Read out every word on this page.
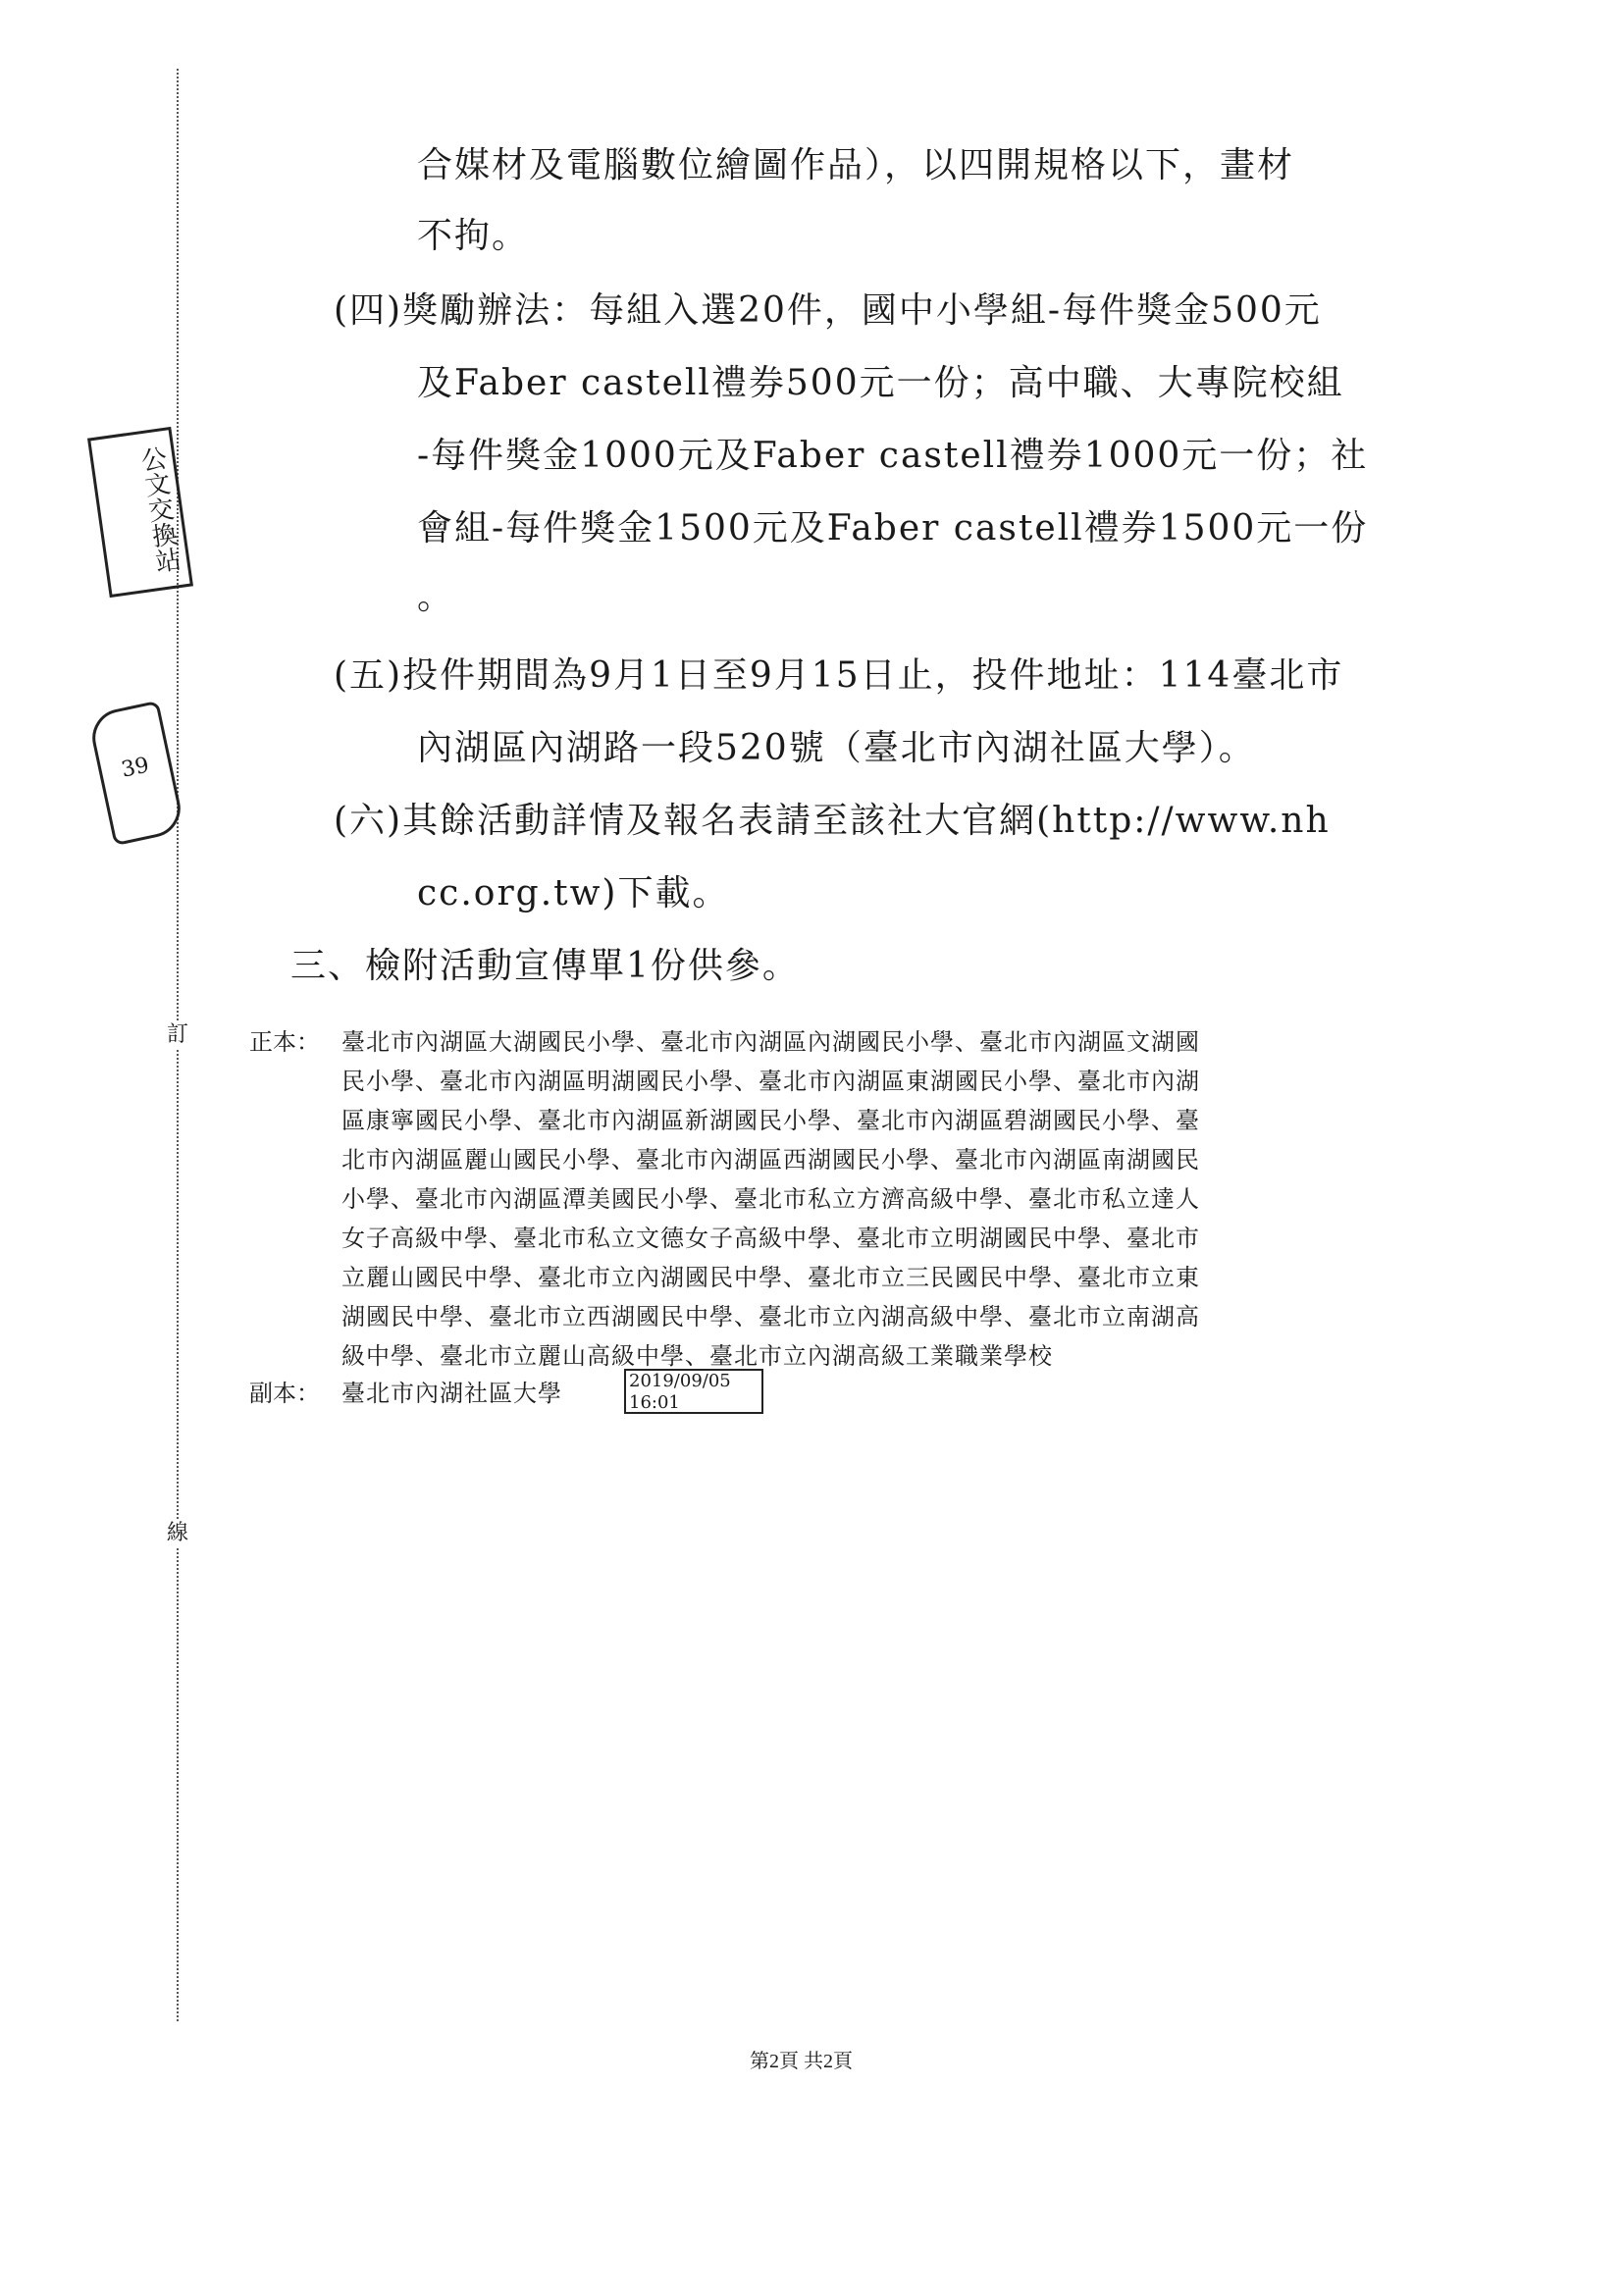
訂
線
公文交換站
39
合媒材及電腦數位繪圖作品），以四開規格以下，畫材
不拘。
(四)獎勵辦法：每組入選20件，國中小學組-每件獎金500元
及Faber castell禮券500元一份；高中職、大專院校組
-每件獎金1000元及Faber castell禮券1000元一份；社
會組-每件獎金1500元及Faber castell禮券1500元一份
。
(五)投件期間為9月1日至9月15日止，投件地址：114臺北市
內湖區內湖路一段520號（臺北市內湖社區大學）。
(六)其餘活動詳情及報名表請至該社大官網(http://www.nh
cc.org.tw)下載。
三、檢附活動宣傳單1份供參。
正本： 臺北市內湖區大湖國民小學、臺北市內湖區內湖國民小學、臺北市內湖區文湖國
民小學、臺北市內湖區明湖國民小學、臺北市內湖區東湖國民小學、臺北市內湖
區康寧國民小學、臺北市內湖區新湖國民小學、臺北市內湖區碧湖國民小學、臺
北市內湖區麗山國民小學、臺北市內湖區西湖國民小學、臺北市內湖區南湖國民
小學、臺北市內湖區潭美國民小學、臺北市私立方濟高級中學、臺北市私立達人
女子高級中學、臺北市私立文德女子高級中學、臺北市立明湖國民中學、臺北市
立麗山國民中學、臺北市立內湖國民中學、臺北市立三民國民中學、臺北市立東
湖國民中學、臺北市立西湖國民中學、臺北市立內湖高級中學、臺北市立南湖高
級中學、臺北市立麗山高級中學、臺北市立內湖高級工業職業學校
副本： 臺北市內湖社區大學	2019/09/05
16:01
第2頁 共2頁
